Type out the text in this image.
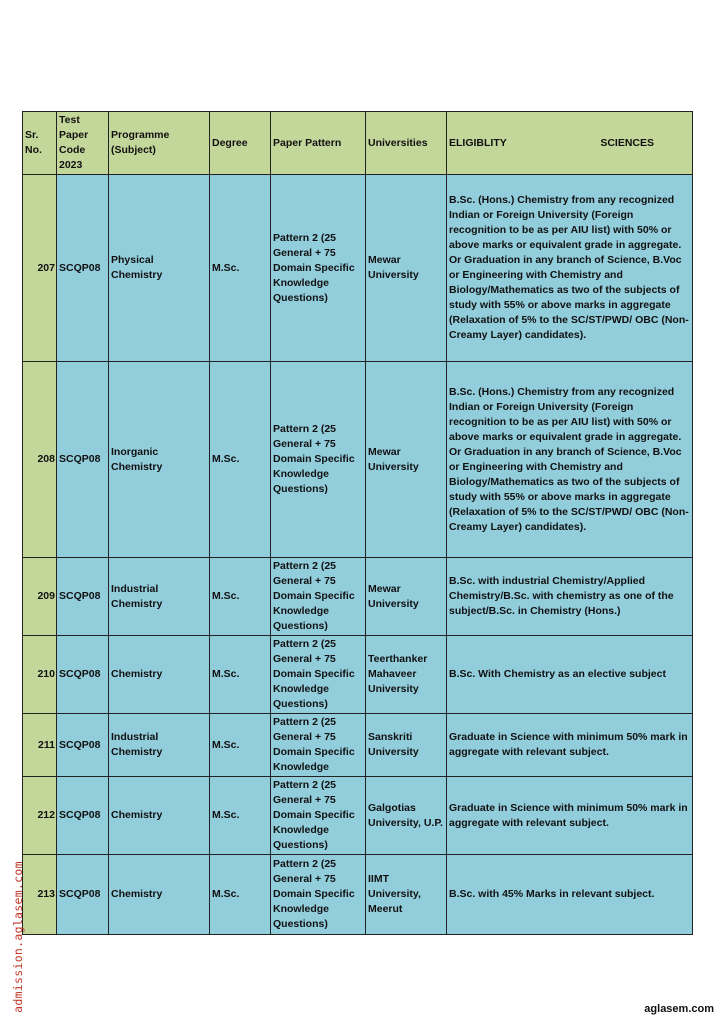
Sr. No.	Test Paper Code 2023	Programme (Subject)	Degree	Paper Pattern	Universities	ELIGIBLITY SCIENCES

207	SCQP08	Physical Chemistry	M.Sc.	Pattern 2 (25 General + 75 Domain Specific Knowledge Questions)	Mewar University	B.Sc. (Hons.) Chemistry from any recognized Indian or Foreign University (Foreign recognition to be as per AIU list) with 50% or above marks or equivalent grade in aggregate. Or Graduation in any branch of Science, B.Voc or Engineering with Chemistry and Biology/Mathematics as two of the subjects of study with 55% or above marks in aggregate (Relaxation of 5% to the SC/ST/PWD/ OBC (Non-Creamy Layer) candidates).
208	SCQP08	Inorganic Chemistry	M.Sc.	Pattern 2 (25 General + 75 Domain Specific Knowledge Questions)	Mewar University	B.Sc. (Hons.) Chemistry from any recognized Indian or Foreign University (Foreign recognition to be as per AIU list) with 50% or above marks or equivalent grade in aggregate. Or Graduation in any branch of Science, B.Voc or Engineering with Chemistry and Biology/Mathematics as two of the subjects of study with 55% or above marks in aggregate (Relaxation of 5% to the SC/ST/PWD/ OBC (Non-Creamy Layer) candidates).
209	SCQP08	Industrial Chemistry	M.Sc.	Pattern 2 (25 General + 75 Domain Specific Knowledge Questions)	Mewar University	B.Sc. with industrial Chemistry/Applied Chemistry/B.Sc. with chemistry as one of the subject/B.Sc. in Chemistry (Hons.)
210	SCQP08	Chemistry	M.Sc.	Pattern 2 (25 General + 75 Domain Specific Knowledge Questions)	Teerthanker Mahaveer University	B.Sc. With Chemistry as an elective subject
211	SCQP08	Industrial Chemistry	M.Sc.	Pattern 2 (25 General + 75 Domain Specific Knowledge	Sanskriti University	Graduate in Science with minimum 50% mark in aggregate with relevant subject.
212	SCQP08	Chemistry	M.Sc.	Pattern 2 (25 General + 75 Domain Specific Knowledge Questions)	Galgotias University, U.P.	Graduate in Science with minimum 50% mark in aggregate with relevant subject.
213	SCQP08	Chemistry	M.Sc.	Pattern 2 (25 General + 75 Domain Specific Knowledge Questions)	IIMT University, Meerut	B.Sc. with 45% Marks in relevant subject.
admission.aglasem.com	aglasem.com
